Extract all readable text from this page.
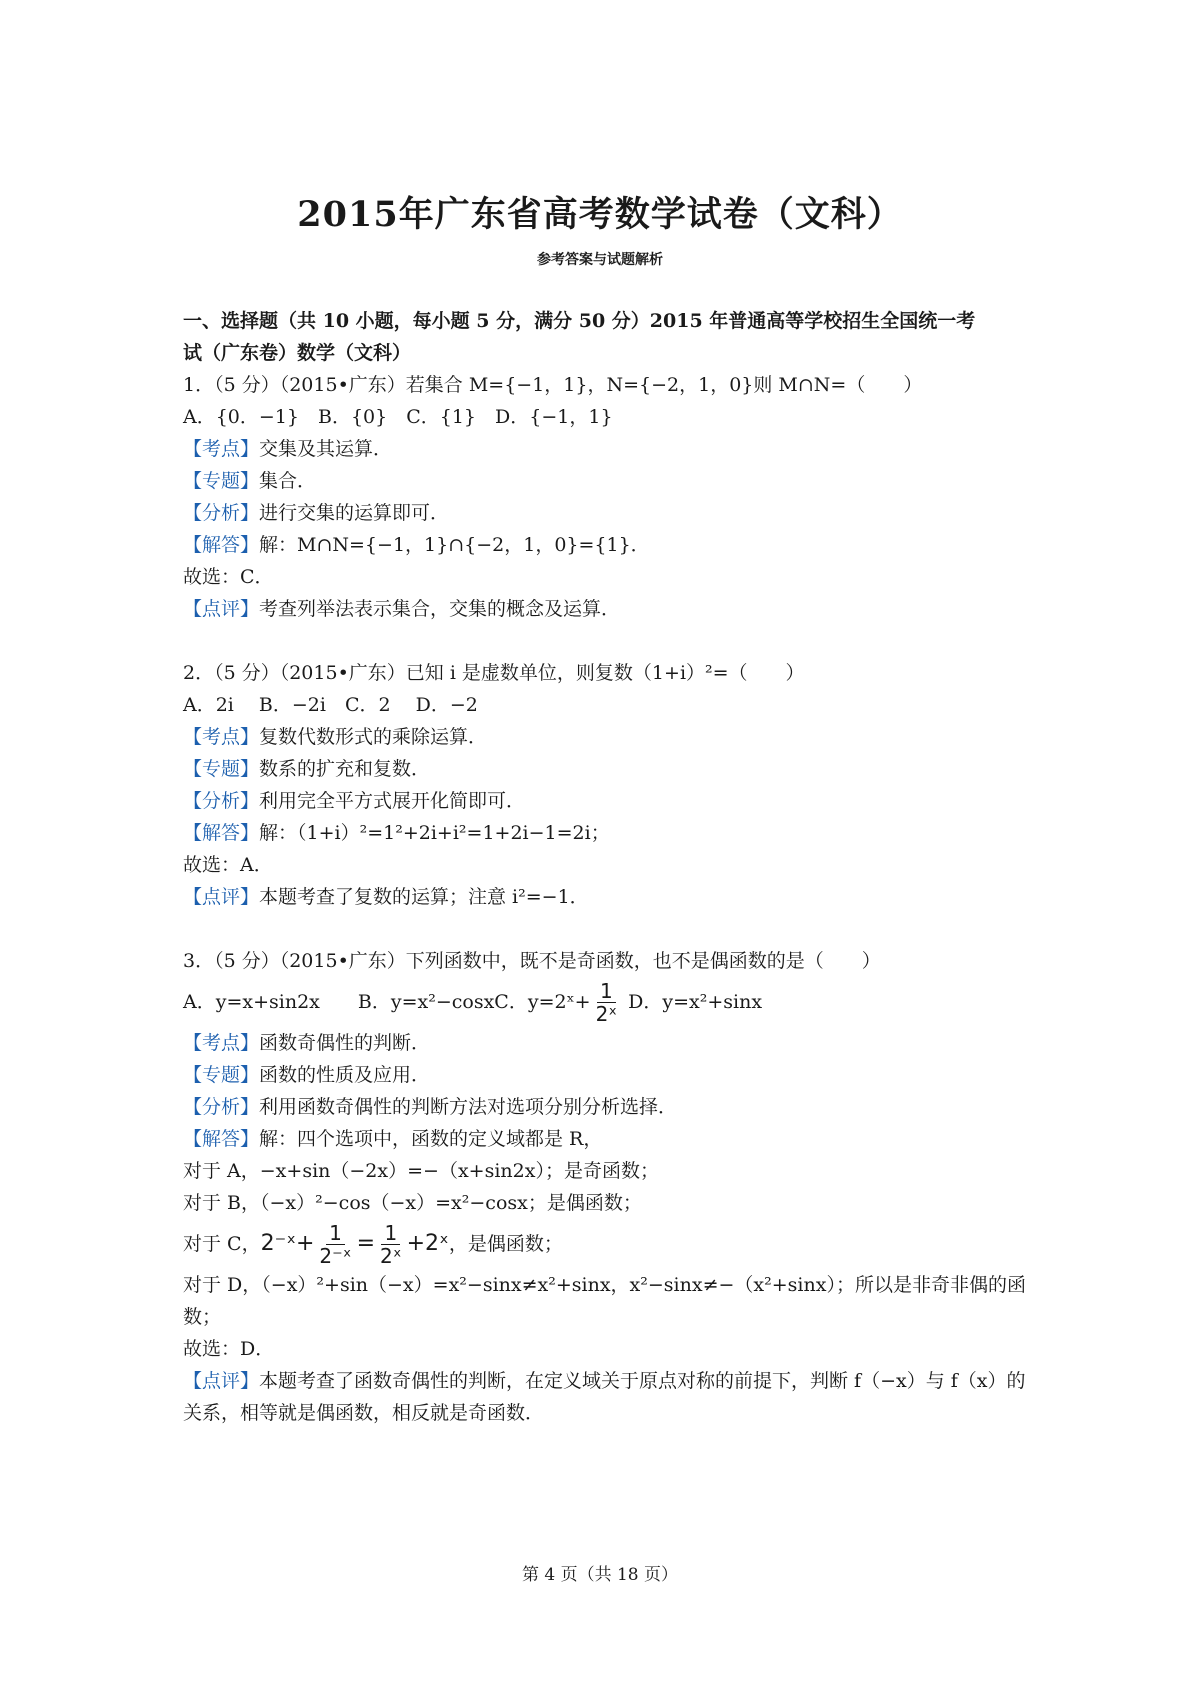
2015年广东省高考数学试卷（文科）
参考答案与试题解析
一、选择题（共 10 小题，每小题 5 分，满分 50 分）2015 年普通高等学校招生全国统一考
试（广东卷）数学（文科）
1．（5 分）（2015•广东）若集合 M={﻿−1，1}，N={−2，1，0}则 M∩N=（　　）
A．{0．−1}　B．{0}　C．{1}　D．{−1，1}
【考点】交集及其运算．
【专题】集合．
【分析】进行交集的运算即可．
【解答】解：M∩N={−1，1}∩{−2，1，0}={1}．
故选：C．
【点评】考查列举法表示集合，交集的概念及运算．
2．（5 分）（2015•广东）已知 i 是虚数单位，则复数（1+i）²=（　　）
A．2i　 B．−2i　C．2　 D．−2
【考点】复数代数形式的乘除运算．
【专题】数系的扩充和复数．
【分析】利用完全平方式展开化简即可．
【解答】解：（1+i）²=1²+2i+i²=1+2i−1=2i；
故选：A．
【点评】本题考查了复数的运算；注意 i²=−1．
3．（5 分）（2015•广东）下列函数中，既不是奇函数，也不是偶函数的是（　　）
A．y=x+sin2x　　B．y=x²−cosx C．y=2ˣ+ $\frac{1}{\text{2ˣ}}$ D．y=x²+sinx
【考点】函数奇偶性的判断．
【专题】函数的性质及应用．
【分析】利用函数奇偶性的判断方法对选项分别分析选择．
【解答】解：四个选项中，函数的定义域都是 R，
对于 A，−x+sin（−2x）=−（x+sin2x）；是奇函数；
对于 B，（−x）²−cos（−x）=x²−cosx；是偶函数；
对于 C， 2⁻ˣ+ $\frac{1}{\text{2⁻ˣ}} = \frac{1}{\text{2ˣ}}$ +2ˣ ，是偶函数；
对于 D，（−x）²+sin（−x）=x²−sinx≠x²+sinx，x²−sinx≠−（x²+sinx）；所以是非奇非偶的函数；
故选：D．
【点评】本题考查了函数奇偶性的判断，在定义域关于原点对称的前提下，判断 f（−x）与 f（x）的关系，相等就是偶函数，相反就是奇函数．
第 4 页（共 18 页）
